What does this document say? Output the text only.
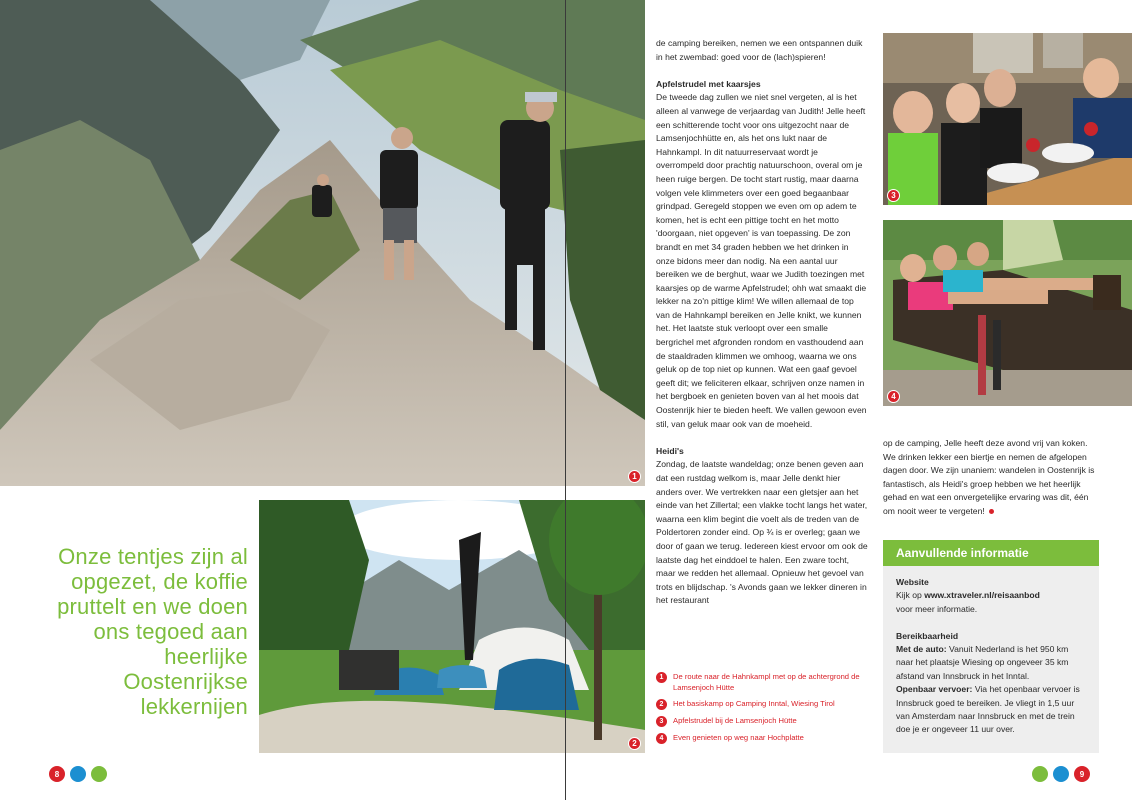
1
2
3
4
Onze tentjes zijn al opgezet, de koffie pruttelt en we doen ons tegoed aan heerlijke Oostenrijkse lekkernijen

de camping bereiken, nemen we een ontspannen duik in het zwembad: goed voor de (lach)spieren!

Apfelstrudel met kaarsjes

De tweede dag zullen we niet snel vergeten, al is het alleen al vanwege de verjaardag van Judith! Jelle heeft een schitterende tocht voor ons uitgezocht naar de Lamsenjochhütte en, als het ons lukt naar de Hahnkampl. In dit natuurreservaat wordt je overrompeld door prachtig natuurschoon, overal om je heen ruige bergen. De tocht start rustig, maar daarna volgen vele klimmeters over een goed begaanbaar grindpad. Geregeld stoppen we even om op adem te komen, het is echt een pittige tocht en het motto 'doorgaan, niet opgeven' is van toepassing. De zon brandt en met 34 graden hebben we het drinken in onze bidons meer dan nodig. Na een aantal uur bereiken we de berghut, waar we Judith toezingen met kaarsjes op de warme Apfelstrudel; ohh wat smaakt die lekker na zo'n pittige klim! We willen allemaal de top van de Hahnkampl bereiken en Jelle knikt, we kunnen het. Het laatste stuk verloopt over een smalle bergrichel met afgronden rondom en vasthoudend aan de staaldraden klimmen we omhoog, waarna we ons geluk op de top niet op kunnen. Wat een gaaf gevoel geeft dit; we feliciteren elkaar, schrijven onze namen in het bergboek en genieten boven van al het moois dat Oostenrijk hier te bieden heeft. We vallen gewoon even stil, van geluk maar ook van de moeheid.

Heidi's

Zondag, de laatste wandeldag; onze benen geven aan dat een rustdag welkom is, maar Jelle denkt hier anders over. We vertrekken naar een gletsjer aan het einde van het Zillertal; een vlakke tocht langs het water, waarna een klim begint die voelt als de treden van de Poldertoren zonder eind. Op ¾ is er overleg; gaan we door of gaan we terug. Iedereen kiest ervoor om ook de laatste dag het einddoel te halen. Een zware tocht, maar we redden het allemaal. Opnieuw het gevoel van trots en blijdschap. 's Avonds gaan we lekker dineren in het restaurant

op de camping, Jelle heeft deze avond vrij van koken. We drinken lekker een biertje en nemen de afgelopen dagen door. We zijn unaniem: wandelen in Oostenrijk is fantastisch, als Heidi's groep hebben we het heerlijk gehad en wat een onvergetelijke ervaring was dit, één om nooit weer te vergeten!

1	De route naar de Hahnkampl met op de achtergrond de Lamsenjoch Hütte
2	Het basiskamp op Camping Inntal, Wiesing Tirol
3	Apfelstrudel bij de Lamsenjoch Hütte
4	Even genieten op weg naar Hochplatte
Aanvullende informatie
Website
Kijk op www.xtraveler.nl/reisaanbod
voor meer informatie.
Bereikbaarheid
Met de auto: Vanuit Nederland is het 950 km naar het plaatsje Wiesing op ongeveer 35 km afstand van Innsbruck in het Inntal.
Openbaar vervoer: Via het openbaar vervoer is Innsbruck goed te bereiken. Je vliegt in 1,5 uur van Amsterdam naar Innsbruck en met de trein doe je er ongeveer 11 uur over.
8	9
